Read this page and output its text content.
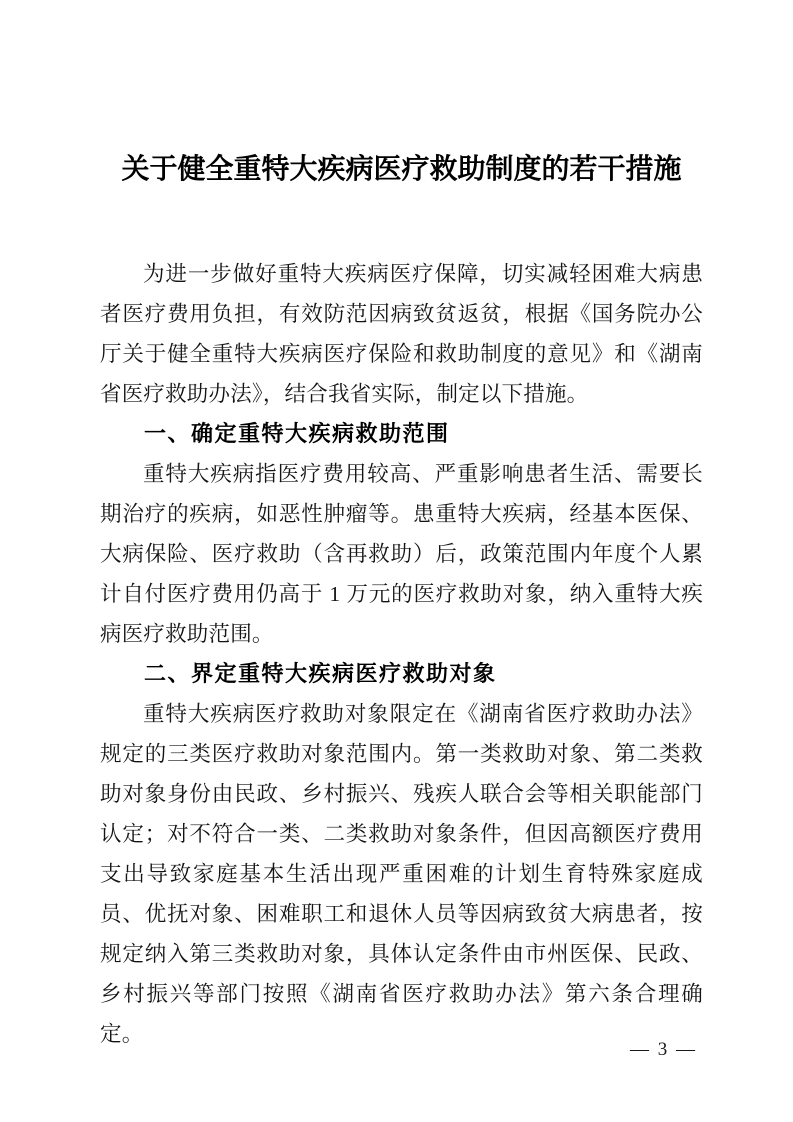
关于健全重特大疾病医疗救助制度的若干措施

为进一步做好重特大疾病医疗保障，切实减轻困难大病患者医疗费用负担，有效防范因病致贫返贫，根据《国务院办公厅关于健全重特大疾病医疗保险和救助制度的意见》和《湖南省医疗救助办法》，结合我省实际，制定以下措施。

一、确定重特大疾病救助范围

重特大疾病指医疗费用较高、严重影响患者生活、需要长期治疗的疾病，如恶性肿瘤等。患重特大疾病，经基本医保、大病保险、医疗救助（含再救助）后，政策范围内年度个人累计自付医疗费用仍高于 1 万元的医疗救助对象，纳入重特大疾病医疗救助范围。

二、界定重特大疾病医疗救助对象

重特大疾病医疗救助对象限定在《湖南省医疗救助办法》规定的三类医疗救助对象范围内。第一类救助对象、第二类救助对象身份由民政、乡村振兴、残疾人联合会等相关职能部门认定；对不符合一类、二类救助对象条件，但因高额医疗费用支出导致家庭基本生活出现严重困难的计划生育特殊家庭成员、优抚对象、困难职工和退休人员等因病致贫大病患者，按规定纳入第三类救助对象，具体认定条件由市州医保、民政、乡村振兴等部门按照《湖南省医疗救助办法》第六条合理确定。

— 3 —
